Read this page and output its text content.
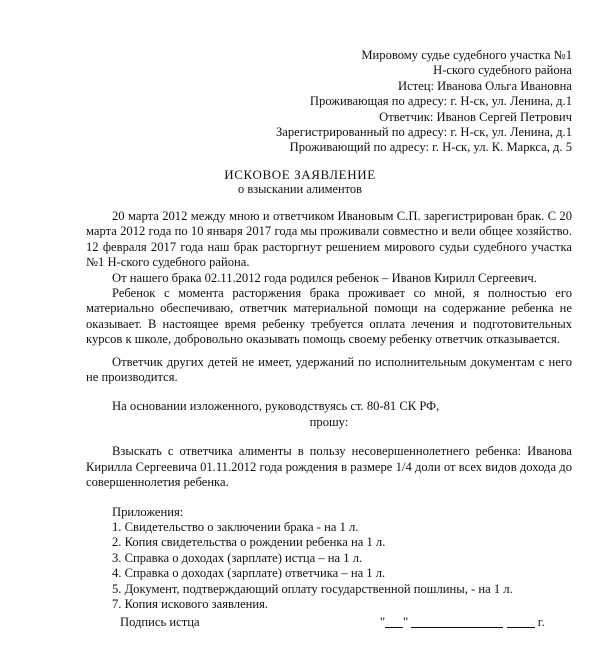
Мировому судье судебного участка №1
Н-ского судебного района
Истец: Иванова Ольга Ивановна
Проживающая по адресу: г. Н-ск, ул. Ленина, д.1
Ответчик: Иванов Сергей Петрович
Зарегистрированный по адресу: г. Н-ск, ул. Ленина, д.1
Проживающий по адресу: г. Н-ск, ул. К. Маркса, д. 5
ИСКОВОЕ ЗАЯВЛЕНИЕ
о взыскании алиментов

20 марта 2012 между мною и ответчиком Ивановым С.П. зарегистрирован брак. С 20 марта 2012 года по 10 января 2017 года мы проживали совместно и вели общее хозяйство. 12 февраля 2017 года наш брак расторгнут решением мирового судьи судебного участка №1 Н-ского судебного района.

От нашего брака 02.11.2012 года родился ребенок – Иванов Кирилл Сергеевич.

Ребенок с момента расторжения брака проживает со мной, я полностью его материально обеспечиваю, ответчик материальной помощи на содержание ребенка не оказывает. В настоящее время ребенку требуется оплата лечения и подготовительных курсов к школе, добровольно оказывать помощь своему ребенку ответчик отказывается.

Ответчик других детей не имеет, удержаний по исполнительным документам с него не производится.

На основании изложенного, руководствуясь ст. 80-81 СК РФ,

прошу:

Взыскать с ответчика алименты в пользу несовершеннолетнего ребенка: Иванова Кирилла Сергеевича 01.11.2012 года рождения в размере 1/4 доли от всех видов дохода до совершеннолетия ребенка.

Приложения:
1. Свидетельство о заключении брака - на 1 л.
2. Копия свидетельства о рождении ребенка на 1 л.
3. Справка о доходах (зарплате) истца – на 1 л.
4. Справка о доходах (зарплате) ответчика – на 1 л.
5. Документ, подтверждающий оплату государственной пошлины, - на 1 л.
7. Копия искового заявления.
Подпись истца	" "	г.
